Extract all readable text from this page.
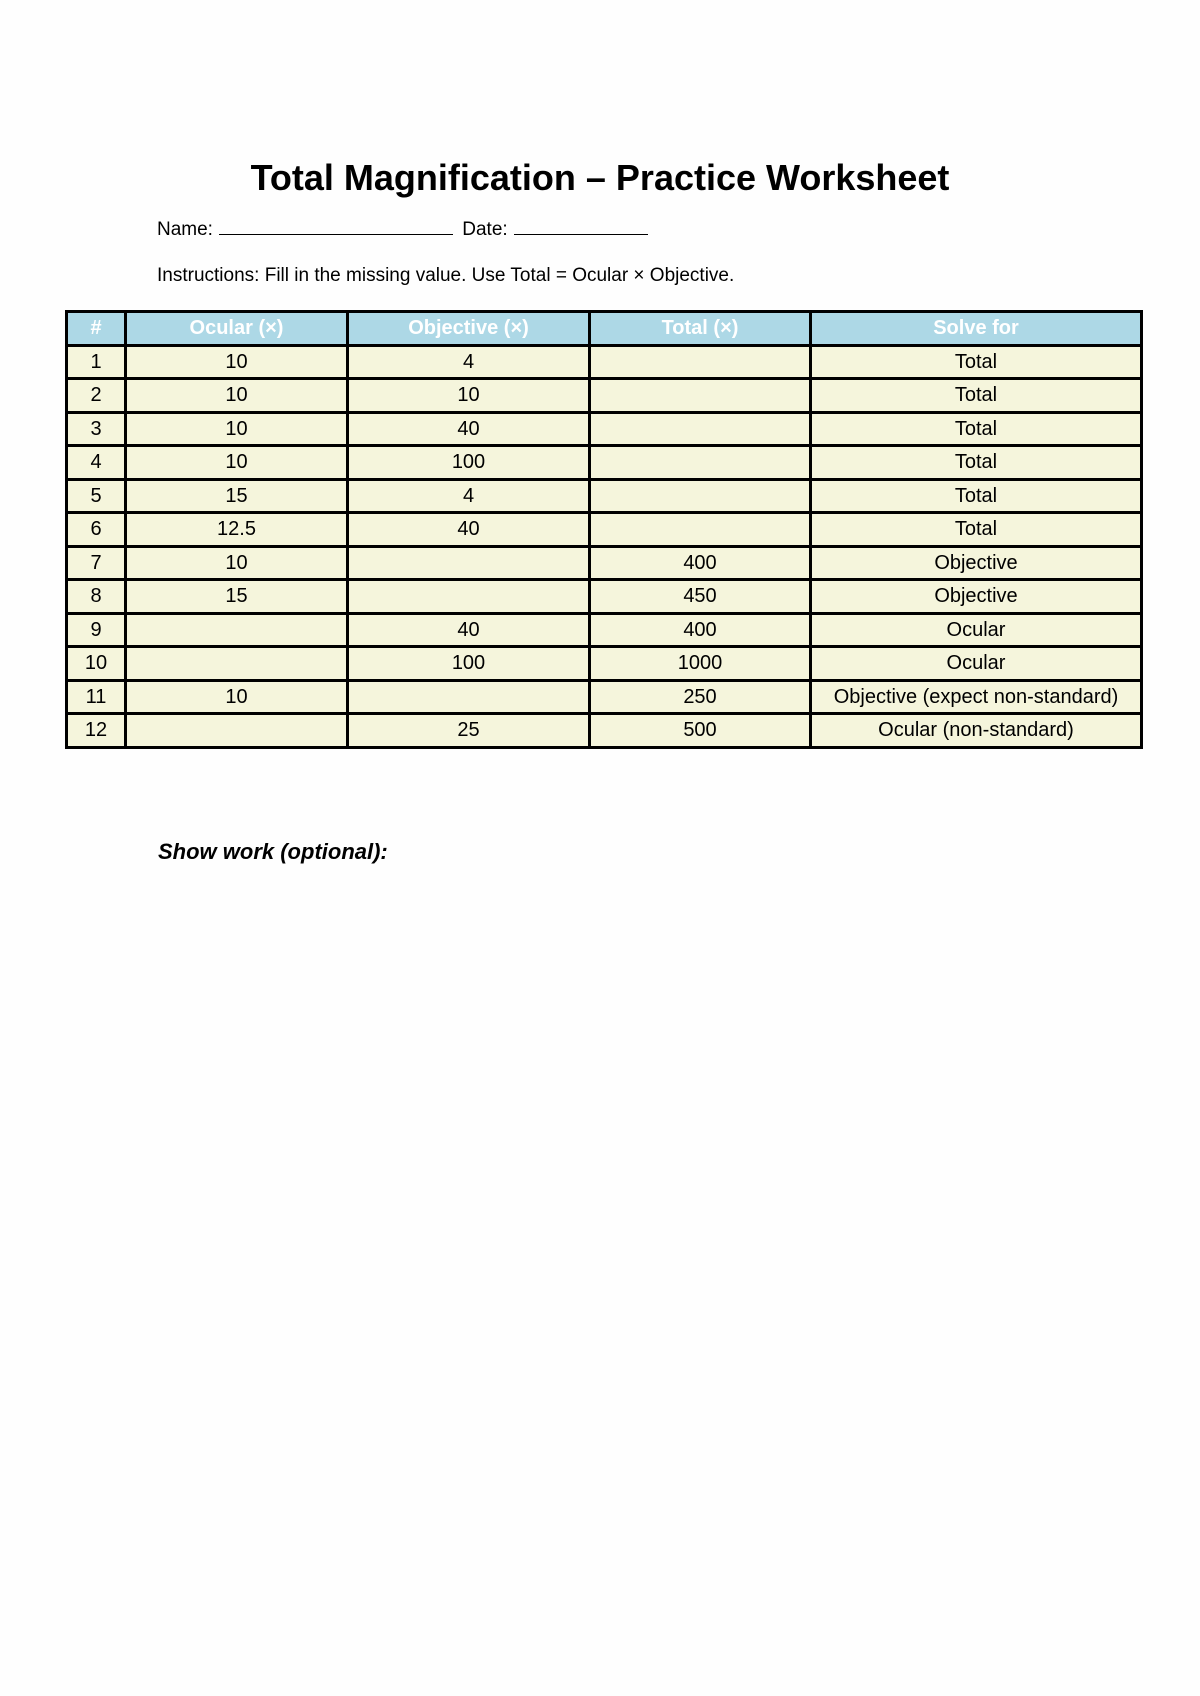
Total Magnification – Practice Worksheet
Name:	Date:
Instructions: Fill in the missing value. Use Total = Ocular × Objective.
#	Ocular (×)	Objective (×)	Total (×)	Solve for
1	10	4		Total
2	10	10		Total
3	10	40		Total
4	10	100		Total
5	15	4		Total
6	12.5	40		Total
7	10		400	Objective
8	15		450	Objective
9		40	400	Ocular
10		100	1000	Ocular
11	10		250	Objective (expect non-standard)
12		25	500	Ocular (non-standard)
Show work (optional):
